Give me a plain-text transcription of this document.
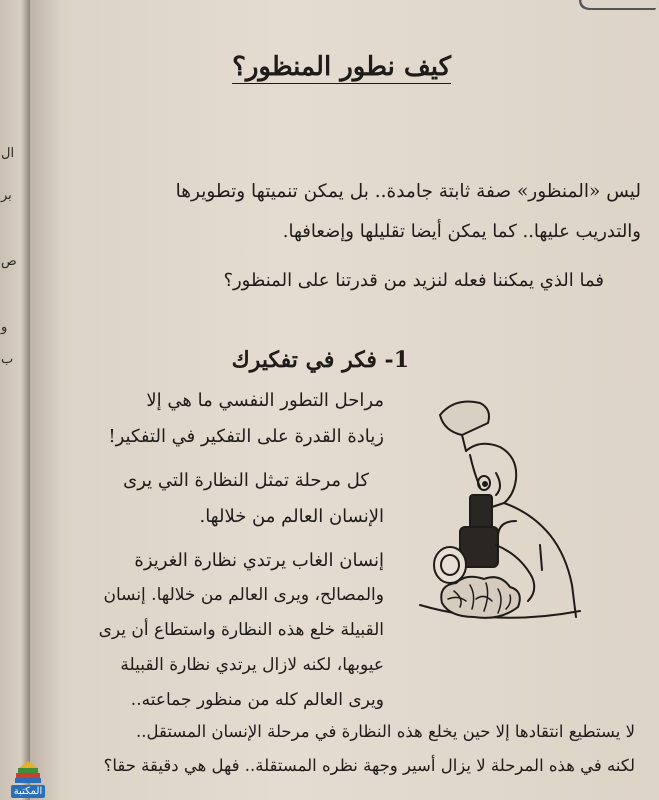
ال
بر
ص
و
ب
كيف نطور المنظور؟
ليس «المنظور» صفة ثابتة جامدة.. بل يمكن تنميتها وتطويرها
والتدريب عليها.. كما يمكن أيضا تقليلها وإضعافها.
فما الذي يمكننا فعله لنزيد من قدرتنا على المنظور؟
1- فكر في تفكيرك
مراحل التطور النفسي ما هي إلا
زيادة القدرة على التفكير في التفكير!
كل مرحلة تمثل النظارة التي يرى
الإنسان العالم من خلالها.
إنسان الغاب يرتدي نظارة الغريزة
والمصالح، ويرى العالم من خلالها. إنسان
القبيلة خلع هذه النظارة واستطاع أن يرى
عيوبها، لكنه لازال يرتدي نظارة القبيلة
ويرى العالم كله من منظور جماعته..
لا يستطيع انتقادها إلا حين يخلع هذه النظارة في مرحلة الإنسان المستقل..
لكنه في هذه المرحلة لا يزال أسير وجهة نظره المستقلة.. فهل هي دقيقة حقا؟
المكتبة
